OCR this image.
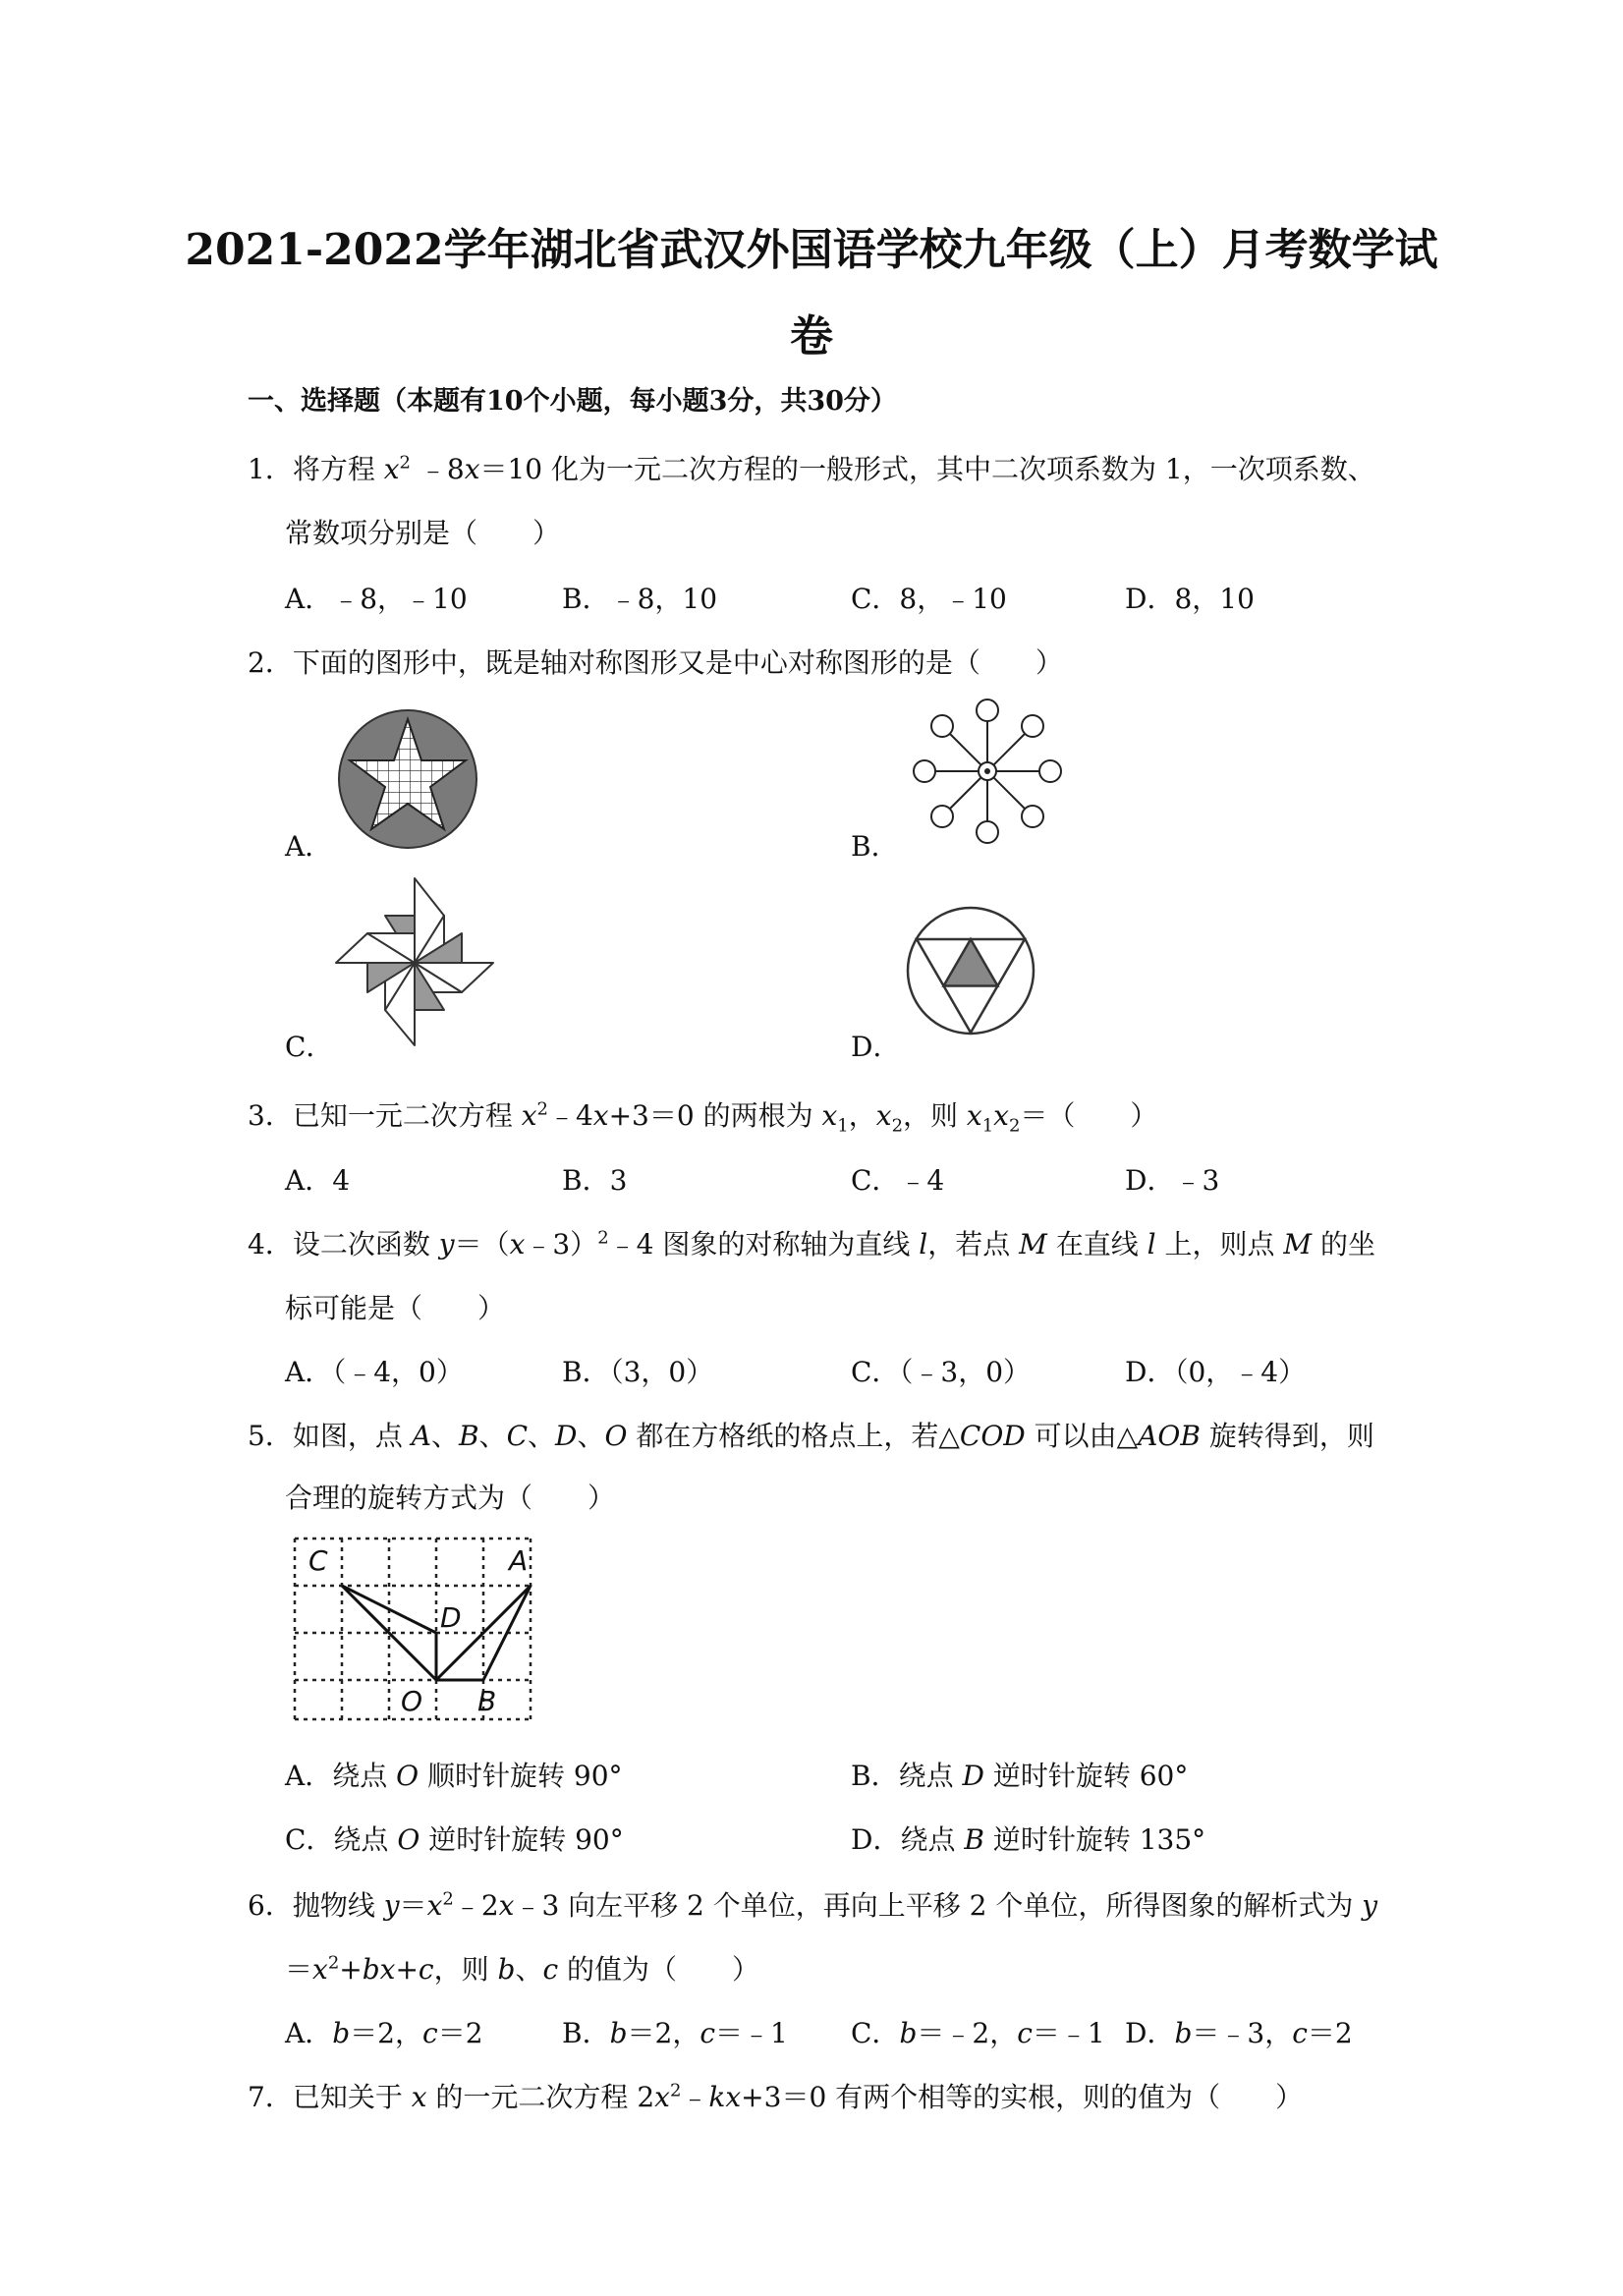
2021-2022学年湖北省武汉外国语学校九年级（上）月考数学试
卷
一、选择题（本题有10个小题，每小题3分，共30分）
1．将方程 $x^2$ ﹣8x＝10 化为一元二次方程的一般形式，其中二次项系数为 1，一次项系数、
常数项分别是（　　）
A．﹣8，﹣10	B．﹣8，10	C．8，﹣10	D．8，10
2．下面的图形中，既是轴对称图形又是中心对称图形的是（　　）
A．	B．
C．	D．
3．已知一元二次方程 $x^2﹣4x+3=0$ 的两根为 $x_1$，$x_2$，则 $x_1x_2=$（　　）
A．4	B．3	C．﹣4	D．﹣3
4．设二次函数 y＝（x﹣3）$^2$﹣4 图象的对称轴为直线 l，若点 M 在直线 l 上，则点 M 的坐
标可能是（　　）
A．（﹣4，0）	B．（3，0）	C．（﹣3，0）	D．（0，﹣4）
5．如图，点 A、B、C、D、O 都在方格纸的格点上，若△COD 可以由△AOB 旋转得到，则
合理的旋转方式为（　　）
C	A
D
O B
A．绕点 O 顺时针旋转 90°	B．绕点 D 逆时针旋转 60°
C．绕点 O 逆时针旋转 90°	D．绕点 B 逆时针旋转 135°
6．抛物线 $y=x^2﹣2x﹣3$ 向左平移 2 个单位，再向上平移 2 个单位，所得图象的解析式为 y
$=x^2+bx+c$，则 b、c 的值为（　　）
A．b＝2，c＝2	B．b＝2，c＝﹣1 C．b＝﹣2，c＝﹣1 D．b＝﹣3，c＝2
7．已知关于 x 的一元二次方程 $2x^2﹣kx+3=0$ 有两个相等的实根，则的值为（　　）
